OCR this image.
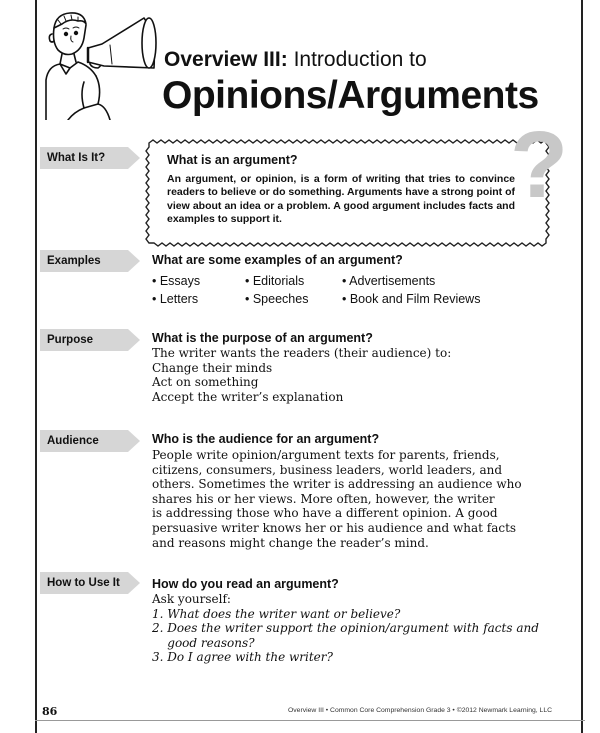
Overview III: Introduction to
Opinions/Arguments
What Is It?	What is an argument?
An argument, or opinion, is a form of writing that tries to convince readers to believe or do something. Arguments have a strong point of view about an idea or a problem. A good argument includes facts and examples to support it.
?
Examples	What are some examples of an argument?
• Essays	• Editorials	• Advertisements
• Letters	• Speeches	• Book and Film Reviews
Purpose	What is the purpose of an argument?
The writer wants the readers (their audience) to:
Change their minds
Act on something
Accept the writer’s explanation
Audience	Who is the audience for an argument?
People write opinion/argument texts for parents, friends,
citizens, consumers, business leaders, world leaders, and
others. Sometimes the writer is addressing an audience who
shares his or her views. More often, however, the writer
is addressing those who have a different opinion. A good
persuasive writer knows her or his audience and what facts
and reasons might change the reader’s mind.
How to Use It	How do you read an argument?
Ask yourself:
1. What does the writer want or believe?
2. Does the writer support the opinion/argument with facts and
good reasons?
3. Do I agree with the writer?
86	Overview III • Common Core Comprehension Grade 3 • ©2012 Newmark Learning, LLC
